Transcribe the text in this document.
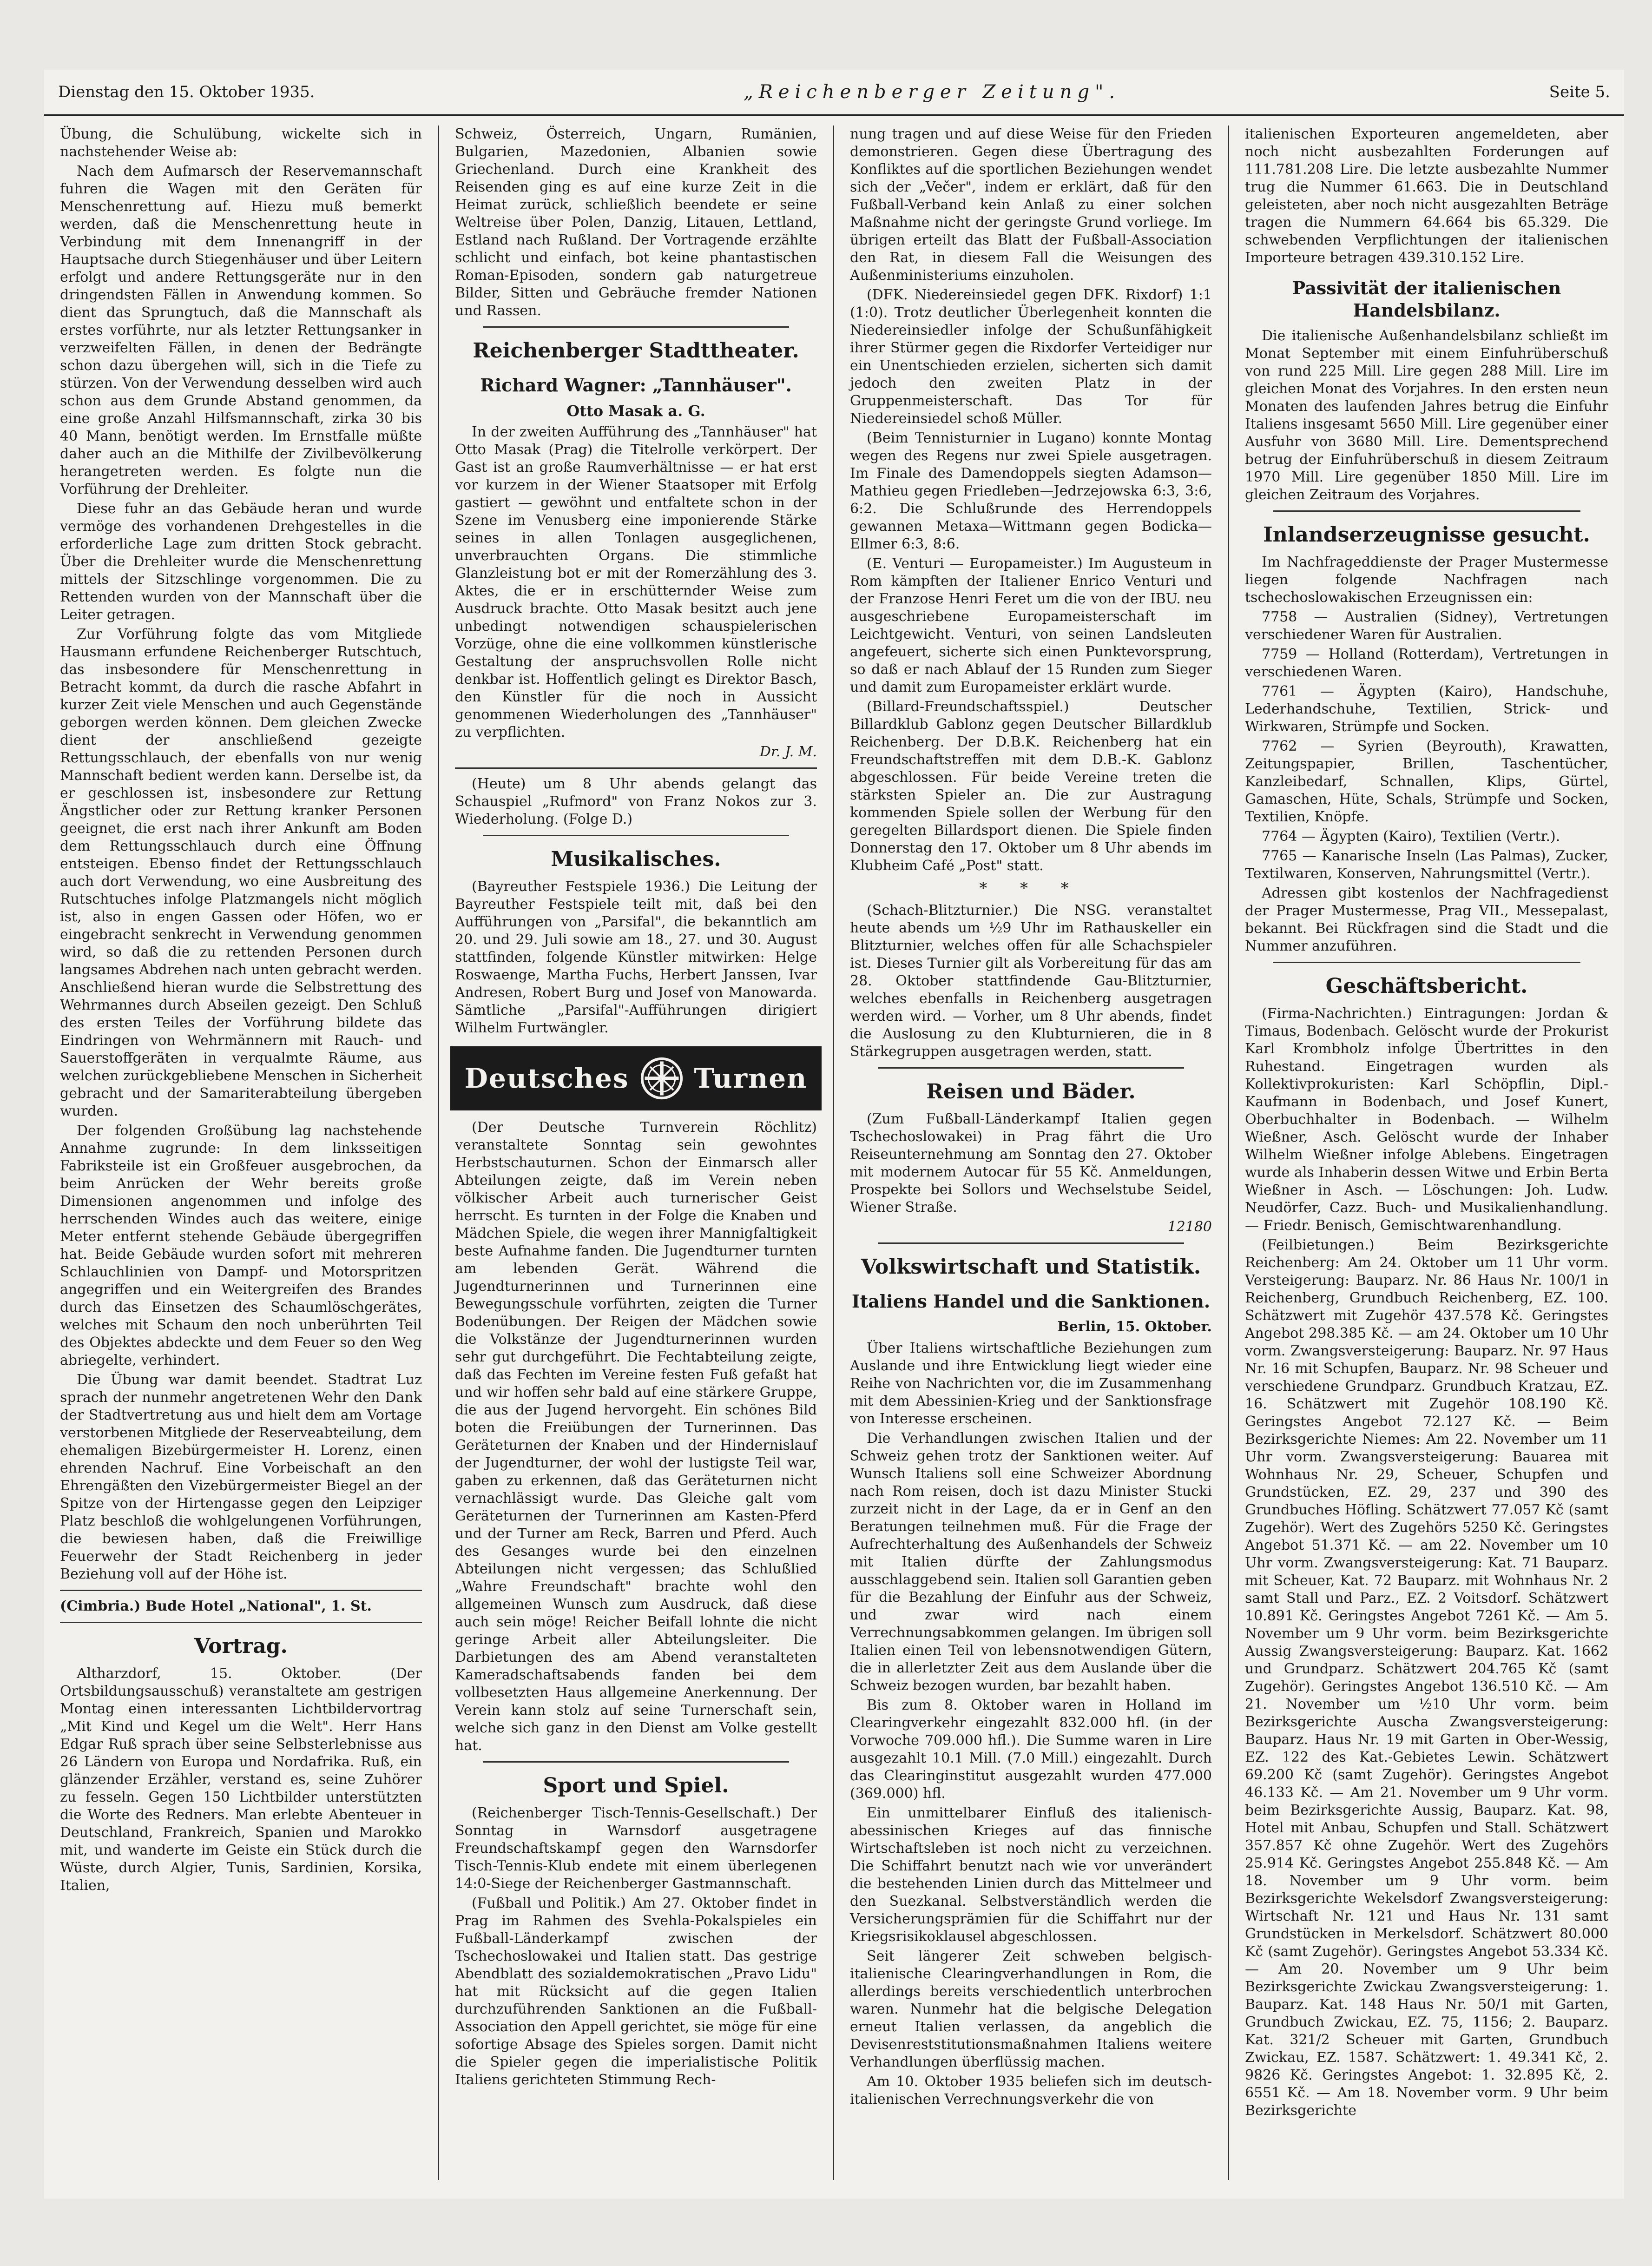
Dienstag den 15. Oktober 1935.	„Reichenberger Zeitung".	Seite 5.

Übung, die Schulübung, wickelte sich in nachstehender Weise ab:

Nach dem Aufmarsch der Reservemannschaft fuhren die Wagen mit den Geräten für Menschenrettung auf. Hiezu muß bemerkt werden, daß die Menschenrettung heute in Verbindung mit dem Innenangriff in der Hauptsache durch Stiegenhäuser und über Leitern erfolgt und andere Rettungsgeräte nur in den dringendsten Fällen in Anwendung kommen. So dient das Sprungtuch, daß die Mannschaft als erstes vorführte, nur als letzter Rettungsanker in verzweifelten Fällen, in denen der Bedrängte schon dazu übergehen will, sich in die Tiefe zu stürzen. Von der Verwendung desselben wird auch schon aus dem Grunde Abstand genommen, da eine große Anzahl Hilfsmannschaft, zirka 30 bis 40 Mann, benötigt werden. Im Ernstfalle müßte daher auch an die Mithilfe der Zivilbevölkerung herangetreten werden. Es folgte nun die Vorführung der Drehleiter.

Diese fuhr an das Gebäude heran und wurde vermöge des vorhandenen Drehgestelles in die erforderliche Lage zum dritten Stock gebracht. Über die Drehleiter wurde die Menschenrettung mittels der Sitzschlinge vorgenommen. Die zu Rettenden wurden von der Mannschaft über die Leiter getragen.

Zur Vorführung folgte das vom Mitgliede Hausmann erfundene Reichenberger Rutschtuch, das insbesondere für Menschenrettung in Betracht kommt, da durch die rasche Abfahrt in kurzer Zeit viele Menschen und auch Gegenstände geborgen werden können. Dem gleichen Zwecke dient der anschließend gezeigte Rettungsschlauch, der ebenfalls von nur wenig Mannschaft bedient werden kann. Derselbe ist, da er geschlossen ist, insbesondere zur Rettung Ängstlicher oder zur Rettung kranker Personen geeignet, die erst nach ihrer Ankunft am Boden dem Rettungsschlauch durch eine Öffnung entsteigen. Ebenso findet der Rettungsschlauch auch dort Verwendung, wo eine Ausbreitung des Rutschtuches infolge Platzmangels nicht möglich ist, also in engen Gassen oder Höfen, wo er eingebracht senkrecht in Verwendung genommen wird, so daß die zu rettenden Personen durch langsames Abdrehen nach unten gebracht werden. Anschließend hieran wurde die Selbstrettung des Wehrmannes durch Abseilen gezeigt. Den Schluß des ersten Teiles der Vorführung bildete das Eindringen von Wehrmännern mit Rauch- und Sauerstoffgeräten in verqualmte Räume, aus welchen zurückgebliebene Menschen in Sicherheit gebracht und der Samariterabteilung übergeben wurden.

Der folgenden Großübung lag nachstehende Annahme zugrunde: In dem linksseitigen Fabriksteile ist ein Großfeuer ausgebrochen, da beim Anrücken der Wehr bereits große Dimensionen angenommen und infolge des herrschenden Windes auch das weitere, einige Meter entfernt stehende Gebäude übergegriffen hat. Beide Gebäude wurden sofort mit mehreren Schlauchlinien von Dampf- und Motorspritzen angegriffen und ein Weitergreifen des Brandes durch das Einsetzen des Schaumlöschgerätes, welches mit Schaum den noch unberührten Teil des Objektes abdeckte und dem Feuer so den Weg abriegelte, verhindert.

Die Übung war damit beendet. Stadtrat Luz sprach der nunmehr angetretenen Wehr den Dank der Stadtvertretung aus und hielt dem am Vortage verstorbenen Mitgliede der Reserveabteilung, dem ehemaligen Bizebürgermeister H. Lorenz, einen ehrenden Nachruf. Eine Vorbeischaft an den Ehrengäßten den Vizebürgermeister Biegel an der Spitze von der Hirtengasse gegen den Leipziger Platz beschloß die wohlgelungenen Vorführungen, die bewiesen haben, daß die Freiwillige Feuerwehr der Stadt Reichenberg in jeder Beziehung voll auf der Höhe ist.

(Cimbria.) Bude Hotel „National", 1. St.

Vortrag.

Altharzdorf, 15. Oktober. (Der Ortsbildungsausschuß) veranstaltete am gestrigen Montag einen interessanten Lichtbildervortrag „Mit Kind und Kegel um die Welt". Herr Hans Edgar Ruß sprach über seine Selbsterlebnisse aus 26 Ländern von Europa und Nordafrika. Ruß, ein glänzender Erzähler, verstand es, seine Zuhörer zu fesseln. Gegen 150 Lichtbilder unterstützten die Worte des Redners. Man erlebte Abenteuer in Deutschland, Frankreich, Spanien und Marokko mit, und wanderte im Geiste ein Stück durch die Wüste, durch Algier, Tunis, Sardinien, Korsika, Italien,

Schweiz, Österreich, Ungarn, Rumänien, Bulgarien, Mazedonien, Albanien sowie Griechenland. Durch eine Krankheit des Reisenden ging es auf eine kurze Zeit in die Heimat zurück, schließlich beendete er seine Weltreise über Polen, Danzig, Litauen, Lettland, Estland nach Rußland. Der Vortragende erzählte schlicht und einfach, bot keine phantastischen Roman-Episoden, sondern gab naturgetreue Bilder, Sitten und Gebräuche fremder Nationen und Rassen.

Reichenberger Stadttheater.
Richard Wagner: „Tannhäuser".
Otto Masak a. G.

In der zweiten Aufführung des „Tannhäuser" hat Otto Masak (Prag) die Titelrolle verkörpert. Der Gast ist an große Raumverhältnisse — er hat erst vor kurzem in der Wiener Staatsoper mit Erfolg gastiert — gewöhnt und entfaltete schon in der Szene im Venusberg eine imponierende Stärke seines in allen Tonlagen ausgeglichenen, unverbrauchten Organs. Die stimmliche Glanzleistung bot er mit der Romerzählung des 3. Aktes, die er in erschütternder Weise zum Ausdruck brachte. Otto Masak besitzt auch jene unbedingt notwendigen schauspielerischen Vorzüge, ohne die eine vollkommen künstlerische Gestaltung der anspruchsvollen Rolle nicht denkbar ist. Hoffentlich gelingt es Direktor Basch, den Künstler für die noch in Aussicht genommenen Wiederholungen des „Tannhäuser" zu verpflichten.

Dr. J. M.

(Heute) um 8 Uhr abends gelangt das Schauspiel „Rufmord" von Franz Nokos zur 3. Wiederholung. (Folge D.)

Musikalisches.

(Bayreuther Festspiele 1936.) Die Leitung der Bayreuther Festspiele teilt mit, daß bei den Aufführungen von „Parsifal", die bekanntlich am 20. und 29. Juli sowie am 18., 27. und 30. August stattfinden, folgende Künstler mitwirken: Helge Roswaenge, Martha Fuchs, Herbert Janssen, Ivar Andresen, Robert Burg und Josef von Manowarda. Sämtliche „Parsifal"-Aufführungen dirigiert Wilhelm Furtwängler.

Deutsches Turnen

(Der Deutsche Turnverein Röchlitz) veranstaltete Sonntag sein gewohntes Herbstschauturnen. Schon der Einmarsch aller Abteilungen zeigte, daß im Verein neben völkischer Arbeit auch turnerischer Geist herrscht. Es turnten in der Folge die Knaben und Mädchen Spiele, die wegen ihrer Mannigfaltigkeit beste Aufnahme fanden. Die Jugendturner turnten am lebenden Gerät. Während die Jugendturnerinnen und Turnerinnen eine Bewegungsschule vorführten, zeigten die Turner Bodenübungen. Der Reigen der Mädchen sowie die Volkstänze der Jugendturnerinnen wurden sehr gut durchgeführt. Die Fechtabteilung zeigte, daß das Fechten im Vereine festen Fuß gefaßt hat und wir hoffen sehr bald auf eine stärkere Gruppe, die aus der Jugend hervorgeht. Ein schönes Bild boten die Freiübungen der Turnerinnen. Das Geräteturnen der Knaben und der Hindernislauf der Jugendturner, der wohl der lustigste Teil war, gaben zu erkennen, daß das Geräteturnen nicht vernachlässigt wurde. Das Gleiche galt vom Geräteturnen der Turnerinnen am Kasten-Pferd und der Turner am Reck, Barren und Pferd. Auch des Gesanges wurde bei den einzelnen Abteilungen nicht vergessen; das Schlußlied „Wahre Freundschaft" brachte wohl den allgemeinen Wunsch zum Ausdruck, daß diese auch sein möge! Reicher Beifall lohnte die nicht geringe Arbeit aller Abteilungsleiter. Die Darbietungen des am Abend veranstalteten Kameradschaftsabends fanden bei dem vollbesetzten Haus allgemeine Anerkennung. Der Verein kann stolz auf seine Turnerschaft sein, welche sich ganz in den Dienst am Volke gestellt hat.

Sport und Spiel.

(Reichenberger Tisch-Tennis-Gesellschaft.) Der Sonntag in Warnsdorf ausgetragene Freundschaftskampf gegen den Warnsdorfer Tisch-Tennis-Klub endete mit einem überlegenen 14:0-Siege der Reichenberger Gastmannschaft.

(Fußball und Politik.) Am 27. Oktober findet in Prag im Rahmen des Svehla-Pokalspieles ein Fußball-Länderkampf zwischen der Tschechoslowakei und Italien statt. Das gestrige Abendblatt des sozialdemokratischen „Pravo Lidu" hat mit Rücksicht auf die gegen Italien durchzuführenden Sanktionen an die Fußball-Association den Appell gerichtet, sie möge für eine sofortige Absage des Spieles sorgen. Damit nicht die Spieler gegen die imperialistische Politik Italiens gerichteten Stimmung Rech-

nung tragen und auf diese Weise für den Frieden demonstrieren. Gegen diese Übertragung des Konfliktes auf die sportlichen Beziehungen wendet sich der „Večer", indem er erklärt, daß für den Fußball-Verband kein Anlaß zu einer solchen Maßnahme nicht der geringste Grund vorliege. Im übrigen erteilt das Blatt der Fußball-Association den Rat, in diesem Fall die Weisungen des Außenministeriums einzuholen.

(DFK. Niedereinsiedel gegen DFK. Rixdorf) 1:1 (1:0). Trotz deutlicher Überlegenheit konnten die Niedereinsiedler infolge der Schußunfähigkeit ihrer Stürmer gegen die Rixdorfer Verteidiger nur ein Unentschieden erzielen, sicherten sich damit jedoch den zweiten Platz in der Gruppenmeisterschaft. Das Tor für Niedereinsiedel schoß Müller.

(Beim Tennisturnier in Lugano) konnte Montag wegen des Regens nur zwei Spiele ausgetragen. Im Finale des Damendoppels siegten Adamson—Mathieu gegen Friedleben—Jedrzejowska 6:3, 3:6, 6:2. Die Schlußrunde des Herrendoppels gewannen Metaxa—Wittmann gegen Bodicka—Ellmer 6:3, 8:6.

(E. Venturi — Europameister.) Im Augusteum in Rom kämpften der Italiener Enrico Venturi und der Franzose Henri Feret um die von der IBU. neu ausgeschriebene Europameisterschaft im Leichtgewicht. Venturi, von seinen Landsleuten angefeuert, sicherte sich einen Punktevorsprung, so daß er nach Ablauf der 15 Runden zum Sieger und damit zum Europameister erklärt wurde.

(Billard-Freundschaftsspiel.) Deutscher Billardklub Gablonz gegen Deutscher Billardklub Reichenberg. Der D.B.K. Reichenberg hat ein Freundschaftstreffen mit dem D.B.-K. Gablonz abgeschlossen. Für beide Vereine treten die stärksten Spieler an. Die zur Austragung kommenden Spiele sollen der Werbung für den geregelten Billardsport dienen. Die Spiele finden Donnerstag den 17. Oktober um 8 Uhr abends im Klubheim Café „Post" statt.

* * *

(Schach-Blitzturnier.) Die NSG. veranstaltet heute abends um ½9 Uhr im Rathauskeller ein Blitzturnier, welches offen für alle Schachspieler ist. Dieses Turnier gilt als Vorbereitung für das am 28. Oktober stattfindende Gau-Blitzturnier, welches ebenfalls in Reichenberg ausgetragen werden wird. — Vorher, um 8 Uhr abends, findet die Auslosung zu den Klubturnieren, die in 8 Stärkegruppen ausgetragen werden, statt.

Reisen und Bäder.

(Zum Fußball-Länderkampf Italien gegen Tschechoslowakei) in Prag fährt die Uro Reiseunternehmung am Sonntag den 27. Oktober mit modernem Autocar für 55 Kč. Anmeldungen, Prospekte bei Sollors und Wechselstube Seidel, Wiener Straße.

12180

Volkswirtschaft und Statistik.
Italiens Handel und die Sanktionen.
Berlin, 15. Oktober.

Über Italiens wirtschaftliche Beziehungen zum Auslande und ihre Entwicklung liegt wieder eine Reihe von Nachrichten vor, die im Zusammenhang mit dem Abessinien-Krieg und der Sanktionsfrage von Interesse erscheinen.

Die Verhandlungen zwischen Italien und der Schweiz gehen trotz der Sanktionen weiter. Auf Wunsch Italiens soll eine Schweizer Abordnung nach Rom reisen, doch ist dazu Minister Stucki zurzeit nicht in der Lage, da er in Genf an den Beratungen teilnehmen muß. Für die Frage der Aufrechterhaltung des Außenhandels der Schweiz mit Italien dürfte der Zahlungsmodus ausschlaggebend sein. Italien soll Garantien geben für die Bezahlung der Einfuhr aus der Schweiz, und zwar wird nach einem Verrechnungsabkommen gelangen. Im übrigen soll Italien einen Teil von lebensnotwendigen Gütern, die in allerletzter Zeit aus dem Auslande über die Schweiz bezogen wurden, bar bezahlt haben.

Bis zum 8. Oktober waren in Holland im Clearingverkehr eingezahlt 832.000 hfl. (in der Vorwoche 709.000 hfl.). Die Summe waren in Lire ausgezahlt 10.1 Mill. (7.0 Mill.) eingezahlt. Durch das Clearinginstitut ausgezahlt wurden 477.000 (369.000) hfl.

Ein unmittelbarer Einfluß des italienisch-abessinischen Krieges auf das finnische Wirtschaftsleben ist noch nicht zu verzeichnen. Die Schiffahrt benutzt nach wie vor unverändert die bestehenden Linien durch das Mittelmeer und den Suezkanal. Selbstverständlich werden die Versicherungsprämien für die Schiffahrt nur der Kriegsrisikoklausel abgeschlossen.

Seit längerer Zeit schweben belgisch-italienische Clearingverhandlungen in Rom, die allerdings bereits verschiedentlich unterbrochen waren. Nunmehr hat die belgische Delegation erneut Italien verlassen, da angeblich die Devisenreststitutionsmaßnahmen Italiens weitere Verhandlungen überflüssig machen.

Am 10. Oktober 1935 beliefen sich im deutsch-italienischen Verrechnungsverkehr die von

italienischen Exporteuren angemeldeten, aber noch nicht ausbezahlten Forderungen auf 111.781.208 Lire. Die letzte ausbezahlte Nummer trug die Nummer 61.663. Die in Deutschland geleisteten, aber noch nicht ausgezahlten Beträge tragen die Nummern 64.664 bis 65.329. Die schwebenden Verpflichtungen der italienischen Importeure betragen 439.310.152 Lire.

Passivität der italienischen Handelsbilanz.

Die italienische Außenhandelsbilanz schließt im Monat September mit einem Einfuhrüberschuß von rund 225 Mill. Lire gegen 288 Mill. Lire im gleichen Monat des Vorjahres. In den ersten neun Monaten des laufenden Jahres betrug die Einfuhr Italiens insgesamt 5650 Mill. Lire gegenüber einer Ausfuhr von 3680 Mill. Lire. Dementsprechend betrug der Einfuhrüberschuß in diesem Zeitraum 1970 Mill. Lire gegenüber 1850 Mill. Lire im gleichen Zeitraum des Vorjahres.

Inlandserzeugnisse gesucht.

Im Nachfrageddienste der Prager Mustermesse liegen folgende Nachfragen nach tschechoslowakischen Erzeugnissen ein:

7758 — Australien (Sidney), Vertretungen verschiedener Waren für Australien.

7759 — Holland (Rotterdam), Vertretungen in verschiedenen Waren.

7761 — Ägypten (Kairo), Handschuhe, Lederhandschuhe, Textilien, Strick- und Wirkwaren, Strümpfe und Socken.

7762 — Syrien (Beyrouth), Krawatten, Zeitungspapier, Brillen, Taschentücher, Kanzleibedarf, Schnallen, Klips, Gürtel, Gamaschen, Hüte, Schals, Strümpfe und Socken, Textilien, Knöpfe.

7764 — Ägypten (Kairo), Textilien (Vertr.).

7765 — Kanarische Inseln (Las Palmas), Zucker, Textilwaren, Konserven, Nahrungsmittel (Vertr.).

Adressen gibt kostenlos der Nachfragedienst der Prager Mustermesse, Prag VII., Messepalast, bekannt. Bei Rückfragen sind die Stadt und die Nummer anzuführen.

Geschäftsbericht.

(Firma-Nachrichten.) Eintragungen: Jordan & Timaus, Bodenbach. Gelöscht wurde der Prokurist Karl Krombholz infolge Übertrittes in den Ruhestand. Eingetragen wurden als Kollektivprokuristen: Karl Schöpflin, Dipl.-Kaufmann in Bodenbach, und Josef Kunert, Oberbuchhalter in Bodenbach. — Wilhelm Wießner, Asch. Gelöscht wurde der Inhaber Wilhelm Wießner infolge Ablebens. Eingetragen wurde als Inhaberin dessen Witwe und Erbin Berta Wießner in Asch. — Löschungen: Joh. Ludw. Neudörfer, Cazz. Buch- und Musikalienhandlung. — Friedr. Benisch, Gemischtwarenhandlung.

(Feilbietungen.) Beim Bezirksgerichte Reichenberg: Am 24. Oktober um 11 Uhr vorm. Versteigerung: Bauparz. Nr. 86 Haus Nr. 100/1 in Reichenberg, Grundbuch Reichenberg, EZ. 100. Schätzwert mit Zugehör 437.578 Kč. Geringstes Angebot 298.385 Kč. — am 24. Oktober um 10 Uhr vorm. Zwangsversteigerung: Bauparz. Nr. 97 Haus Nr. 16 mit Schupfen, Bauparz. Nr. 98 Scheuer und verschiedene Grundparz. Grundbuch Kratzau, EZ. 16. Schätzwert mit Zugehör 108.190 Kč. Geringstes Angebot 72.127 Kč. — Beim Bezirksgerichte Niemes: Am 22. November um 11 Uhr vorm. Zwangsversteigerung: Bauarea mit Wohnhaus Nr. 29, Scheuer, Schupfen und Grundstücken, EZ. 29, 237 und 390 des Grundbuches Höfling. Schätzwert 77.057 Kč (samt Zugehör). Wert des Zugehörs 5250 Kč. Geringstes Angebot 51.371 Kč. — am 22. November um 10 Uhr vorm. Zwangsversteigerung: Kat. 71 Bauparz. mit Scheuer, Kat. 72 Bauparz. mit Wohnhaus Nr. 2 samt Stall und Parz., EZ. 2 Voitsdorf. Schätzwert 10.891 Kč. Geringstes Angebot 7261 Kč. — Am 5. November um 9 Uhr vorm. beim Bezirksgerichte Aussig Zwangsversteigerung: Bauparz. Kat. 1662 und Grundparz. Schätzwert 204.765 Kč (samt Zugehör). Geringstes Angebot 136.510 Kč. — Am 21. November um ½10 Uhr vorm. beim Bezirksgerichte Auscha Zwangsversteigerung: Bauparz. Haus Nr. 19 mit Garten in Ober-Wessig, EZ. 122 des Kat.-Gebietes Lewin. Schätzwert 69.200 Kč (samt Zugehör). Geringstes Angebot 46.133 Kč. — Am 21. November um 9 Uhr vorm. beim Bezirksgerichte Aussig, Bauparz. Kat. 98, Hotel mit Anbau, Schupfen und Stall. Schätzwert 357.857 Kč ohne Zugehör. Wert des Zugehörs 25.914 Kč. Geringstes Angebot 255.848 Kč. — Am 18. November um 9 Uhr vorm. beim Bezirksgerichte Wekelsdorf Zwangsversteigerung: Wirtschaft Nr. 121 und Haus Nr. 131 samt Grundstücken in Merkelsdorf. Schätzwert 80.000 Kč (samt Zugehör). Geringstes Angebot 53.334 Kč. — Am 20. November um 9 Uhr beim Bezirksgerichte Zwickau Zwangsversteigerung: 1. Bauparz. Kat. 148 Haus Nr. 50/1 mit Garten, Grundbuch Zwickau, EZ. 75, 1156; 2. Bauparz. Kat. 321/2 Scheuer mit Garten, Grundbuch Zwickau, EZ. 1587. Schätzwert: 1. 49.341 Kč, 2. 9826 Kč. Geringstes Angebot: 1. 32.895 Kč, 2. 6551 Kč. — Am 18. November vorm. 9 Uhr beim Bezirksgerichte
